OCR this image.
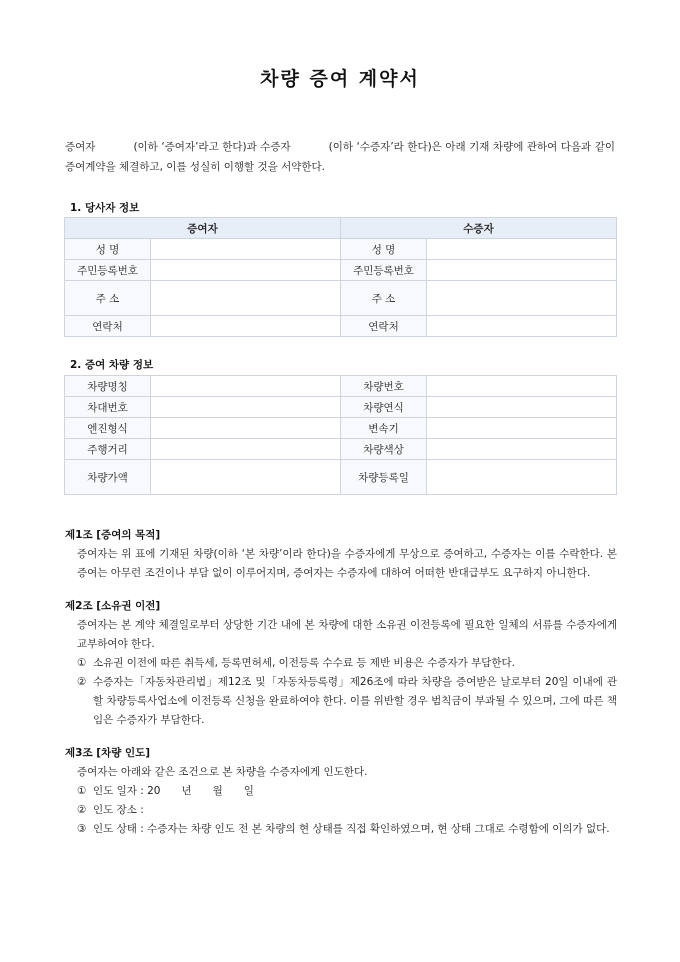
차량 증여 계약서
증여자	(이하 ‘증여자’라고 한다)과 수증자	(이하 ‘수증자’라 한다)은 아래 기재 차량에 관하여 다음과 같이 증여계약을 체결하고, 이를 성실히 이행할 것을 서약한다.
1. 당사자 정보
증여자		수증자	
성 명		성 명	
주민등록번호		주민등록번호	
주 소		주 소	
연락처		연락처	
2. 증여 차량 정보
차량명칭		차량번호	
차대번호		차량연식	
엔진형식		변속기	
주행거리		차량색상	
차량가액		차량등록일	
제1조 [증여의 목적]
증여자는 위 표에 기재된 차량(이하 ‘본 차량’이라 한다)을 수증자에게 무상으로 증여하고, 수증자는 이를 수락한다. 본 증여는 아무런 조건이나 부담 없이 이루어지며, 증여자는 수증자에 대하여 어떠한 반대급부도 요구하지 아니한다.
제2조 [소유권 이전]
증여자는 본 계약 체결일로부터 상당한 기간 내에 본 차량에 대한 소유권 이전등록에 필요한 일체의 서류를 수증자에게 교부하여야 한다.
① 소유권 이전에 따른 취득세, 등록면허세, 이전등록 수수료 등 제반 비용은 수증자가 부담한다.
② 수증자는「자동차관리법」제12조 및「자동차등록령」제26조에 따라 차량을 증여받은 날로부터 20일 이내에 관할 차량등록사업소에 이전등록 신청을 완료하여야 한다. 이를 위반할 경우 범칙금이 부과될 수 있으며, 그에 따른 책임은 수증자가 부담한다.
제3조 [차량 인도]
증여자는 아래와 같은 조건으로 본 차량을 수증자에게 인도한다.
① 인도 일자 : 20　　년　　월　　일
② 인도 장소 :
③ 인도 상태 : 수증자는 차량 인도 전 본 차량의 현 상태를 직접 확인하였으며, 현 상태 그대로 수령함에 이의가 없다.
